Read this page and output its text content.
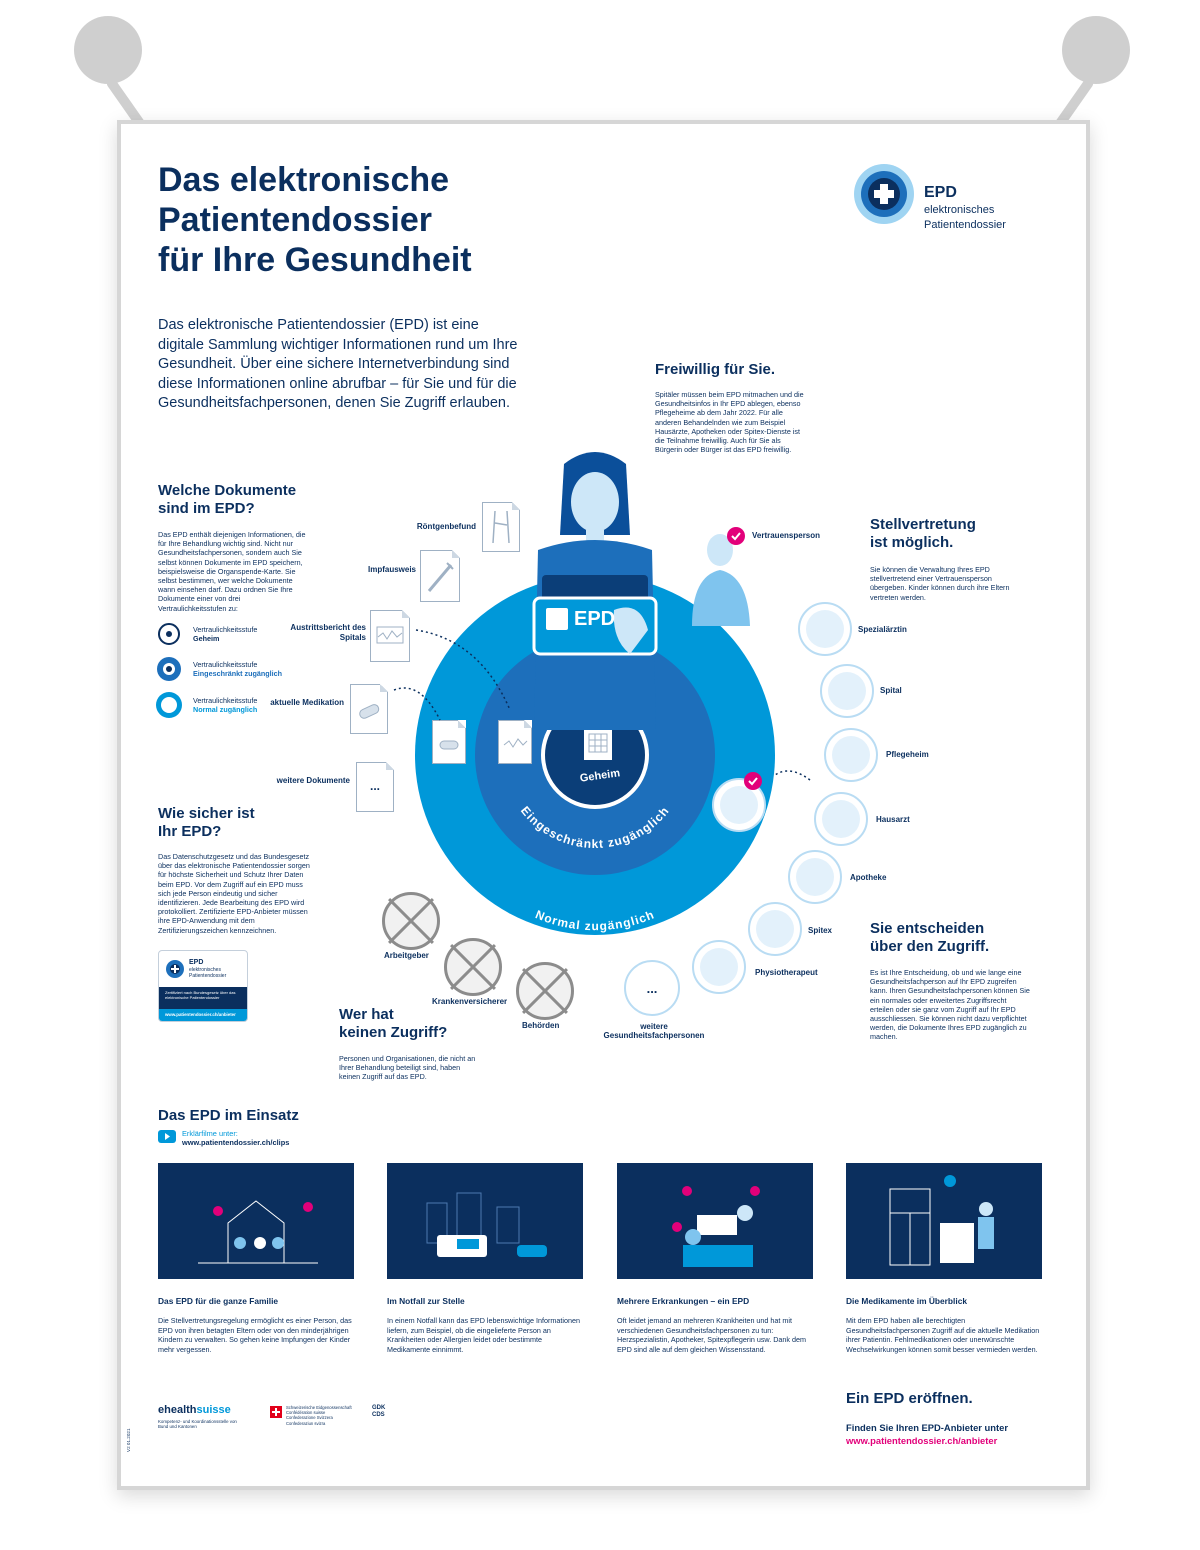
Das elektronische
Patientendossier
für Ihre Gesundheit
Das elektronische Patientendossier (EPD) ist eine digitale Sammlung wichtiger Informationen rund um Ihre Gesundheit. Über eine sichere Internetverbindung sind diese Informationen online abrufbar – für Sie und für die Gesundheitsfachpersonen, denen Sie Zugriff erlauben.
EPD
elektronisches
Patientendossier
Freiwillig für Sie.
Spitäler müssen beim EPD mitmachen und die Gesundheitsinfos in Ihr EPD ablegen, ebenso Pflegeheime ab dem Jahr 2022. Für alle anderen Behandelnden wie zum Beispiel Hausärzte, Apotheken oder Spitex-Dienste ist die Teilnahme freiwillig. Auch für Sie als Bürgerin oder Bürger ist das EPD freiwillig.
Welche Dokumente
sind im EPD?
Das EPD enthält diejenigen Informationen, die für Ihre Behandlung wichtig sind. Nicht nur Gesundheitsfachpersonen, sondern auch Sie selbst können Dokumente im EPD speichern, beispielsweise die Organspende-Karte. Sie selbst bestimmen, wer welche Dokumente wann einsehen darf. Dazu ordnen Sie Ihre Dokumente einer von drei Vertraulichkeitsstufen zu:
Vertraulichkeitsstufe
Geheim
Vertraulichkeitsstufe
Eingeschränkt zugänglich
Vertraulichkeitsstufe
Normal zugänglich
Röntgenbefund
Impfausweis
Austrittsbericht des Spitals
aktuelle Medikation
weitere Dokumente	...
Eingeschränkt zugänglich
Normal zugänglich
Geheim
EPD
Wie sicher ist
Ihr EPD?
Das Datenschutzgesetz und das Bundesgesetz über das elektronische Patientendossier sorgen für höchste Sicherheit und Schutz Ihrer Daten beim EPD. Vor dem Zugriff auf ein EPD muss sich jede Person eindeutig und sicher identifizieren. Jede Bearbeitung des EPD wird protokolliert. Zertifizierte EPD-Anbieter müssen ihre EPD-Anwendung mit dem Zertifizierungszeichen kennzeichnen.
EPD
elektronisches
Patientendossier
Zertifiziert nach Bundesgesetz über das elektronische Patientendossier
www.patientendossier.ch/anbieter
Stellvertretung
ist möglich.
Sie können die Verwaltung Ihres EPD stellvertretend einer Vertrauensperson übergeben. Kinder können durch ihre Eltern vertreten werden.
Vertrauensperson
Spezialärztin
Spital
Pflegeheim
Hausarzt
Apotheke
Spitex
Physiotherapeut
...
weitere Gesundheitsfachpersonen
Sie entscheiden
über den Zugriff.
Es ist Ihre Entscheidung, ob und wie lange eine Gesundheitsfachperson auf Ihr EPD zugreifen kann. Ihren Gesundheitsfachpersonen können Sie ein normales oder erweitertes Zugriffsrecht erteilen oder sie ganz vom Zugriff auf Ihr EPD ausschliessen. Sie können nicht dazu verpflichtet werden, die Dokumente Ihres EPD zugänglich zu machen.
Arbeitgeber
Krankenversicherer
Behörden
Wer hat
keinen Zugriff?
Personen und Organisationen, die nicht an Ihrer Behandlung beteiligt sind, haben keinen Zugriff auf das EPD.
Das EPD im Einsatz
Erklärfilme unter:
www.patientendossier.ch/clips
Das EPD für die ganze Familie
Die Stellvertretungsregelung ermöglicht es einer Person, das EPD von ihren betagten Eltern oder von den minderjährigen Kindern zu verwalten. So gehen keine Impfungen der Kinder mehr vergessen.
Im Notfall zur Stelle
In einem Notfall kann das EPD lebenswichtige Informationen liefern, zum Beispiel, ob die eingelieferte Person an Krankheiten oder Allergien leidet oder bestimmte Medikamente einnimmt.
Mehrere Erkrankungen – ein EPD
Oft leidet jemand an mehreren Krankheiten und hat mit verschiedenen Gesundheitsfachpersonen zu tun: Herzspezialistin, Apotheker, Spitexpflegerin usw. Dank dem EPD sind alle auf dem gleichen Wissensstand.
Die Medikamente im Überblick
Mit dem EPD haben alle berechtigten Gesundheitsfachpersonen Zugriff auf die aktuelle Medikation ihrer Patientin. Fehlmedikationen oder unerwünschte Wechselwirkungen können somit besser vermieden werden.
Ein EPD eröffnen.
Finden Sie Ihren EPD-Anbieter unter
www.patientendossier.ch/anbieter
ehealthsuisse
Kompetenz- und Koordinationsstelle von Bund und Kantonen
Schweizerische Eidgenossenschaft Confédération suisse Confederazione Svizzera Confederaziun svizra
GDK CDS
V2 01.2021
